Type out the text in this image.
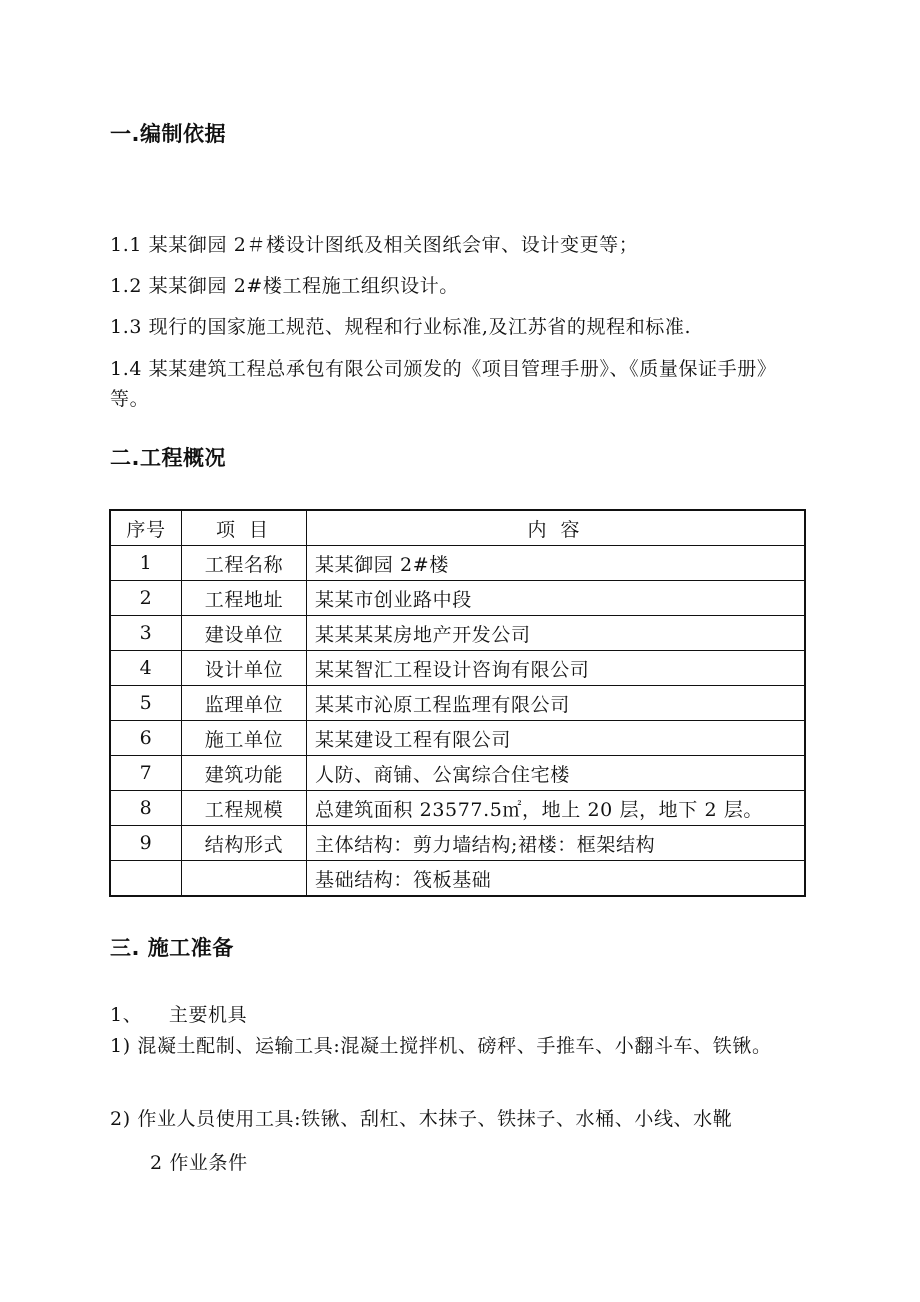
一.编制依据
1.1 某某御园 2＃楼设计图纸及相关图纸会审、设计变更等；
1.2 某某御园 2#楼工程施工组织设计。
1.3 现行的国家施工规范、规程和行业标准,及江苏省的规程和标准.
1.4 某某建筑工程总承包有限公司颁发的《项目管理手册》、《质量保证手册》等。
二.工程概况
序号	项 目	内 容
1	工程名称	某某御园 2#楼
2	工程地址	某某市创业路中段
3	建设单位	某某某某房地产开发公司
4	设计单位	某某智汇工程设计咨询有限公司
5	监理单位	某某市沁原工程监理有限公司
6	施工单位	某某建设工程有限公司
7	建筑功能	人防、商铺、公寓综合住宅楼
8	工程规模	总建筑面积 23577.5㎡，地上 20 层，地下 2 层。
9	结构形式	主体结构：剪力墙结构;裙楼：框架结构
		基础结构：筏板基础
三. 施工准备
1、    主要机具
1) 混凝土配制、运输工具:混凝土搅拌机、磅秤、手推车、小翻斗车、铁锹。
2) 作业人员使用工具:铁锹、刮杠、木抹子、铁抹子、水桶、小线、水靴
2 作业条件
